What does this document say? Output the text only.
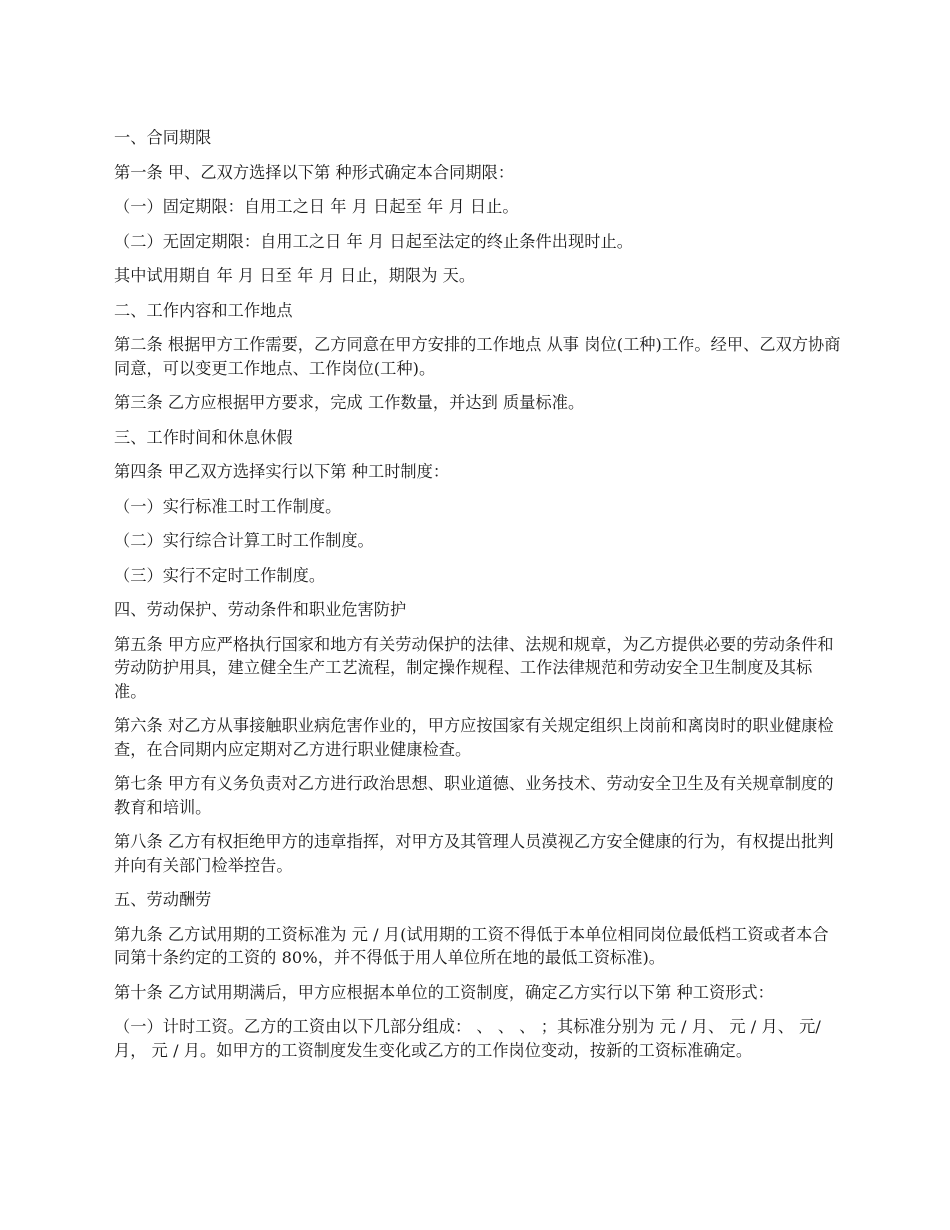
一、合同期限

第一条 甲、乙双方选择以下第 种形式确定本合同期限：

（一）固定期限：自用工之日 年 月 日起至 年 月 日止。

（二）无固定期限：自用工之日 年 月 日起至法定的终止条件出现时止。

其中试用期自 年 月 日至 年 月 日止，期限为 天。

二、工作内容和工作地点

第二条 根据甲方工作需要，乙方同意在甲方安排的工作地点 从事 岗位(工种)工作。经甲、乙双方协商同意，可以变更工作地点、工作岗位(工种)。

第三条 乙方应根据甲方要求，完成 工作数量，并达到 质量标准。

三、工作时间和休息休假

第四条 甲乙双方选择实行以下第 种工时制度：

（一）实行标准工时工作制度。

（二）实行综合计算工时工作制度。

（三）实行不定时工作制度。

四、劳动保护、劳动条件和职业危害防护

第五条 甲方应严格执行国家和地方有关劳动保护的法律、法规和规章，为乙方提供必要的劳动条件和劳动防护用具，建立健全生产工艺流程，制定操作规程、工作法律规范和劳动安全卫生制度及其标准。

第六条 对乙方从事接触职业病危害作业的，甲方应按国家有关规定组织上岗前和离岗时的职业健康检查，在合同期内应定期对乙方进行职业健康检查。

第七条 甲方有义务负责对乙方进行政治思想、职业道德、业务技术、劳动安全卫生及有关规章制度的教育和培训。

第八条 乙方有权拒绝甲方的违章指挥，对甲方及其管理人员漠视乙方安全健康的行为，有权提出批判并向有关部门检举控告。

五、劳动酬劳

第九条 乙方试用期的工资标准为 元 / 月(试用期的工资不得低于本单位相同岗位最低档工资或者本合同第十条约定的工资的 80%，并不得低于用人单位所在地的最低工资标准)。

第十条 乙方试用期满后，甲方应根据本单位的工资制度，确定乙方实行以下第 种工资形式：

（一）计时工资。乙方的工资由以下几部分组成： 、 、 、 ；其标准分别为 元 / 月、 元 / 月、 元/月， 元 / 月。如甲方的工资制度发生变化或乙方的工作岗位变动，按新的工资标准确定。
